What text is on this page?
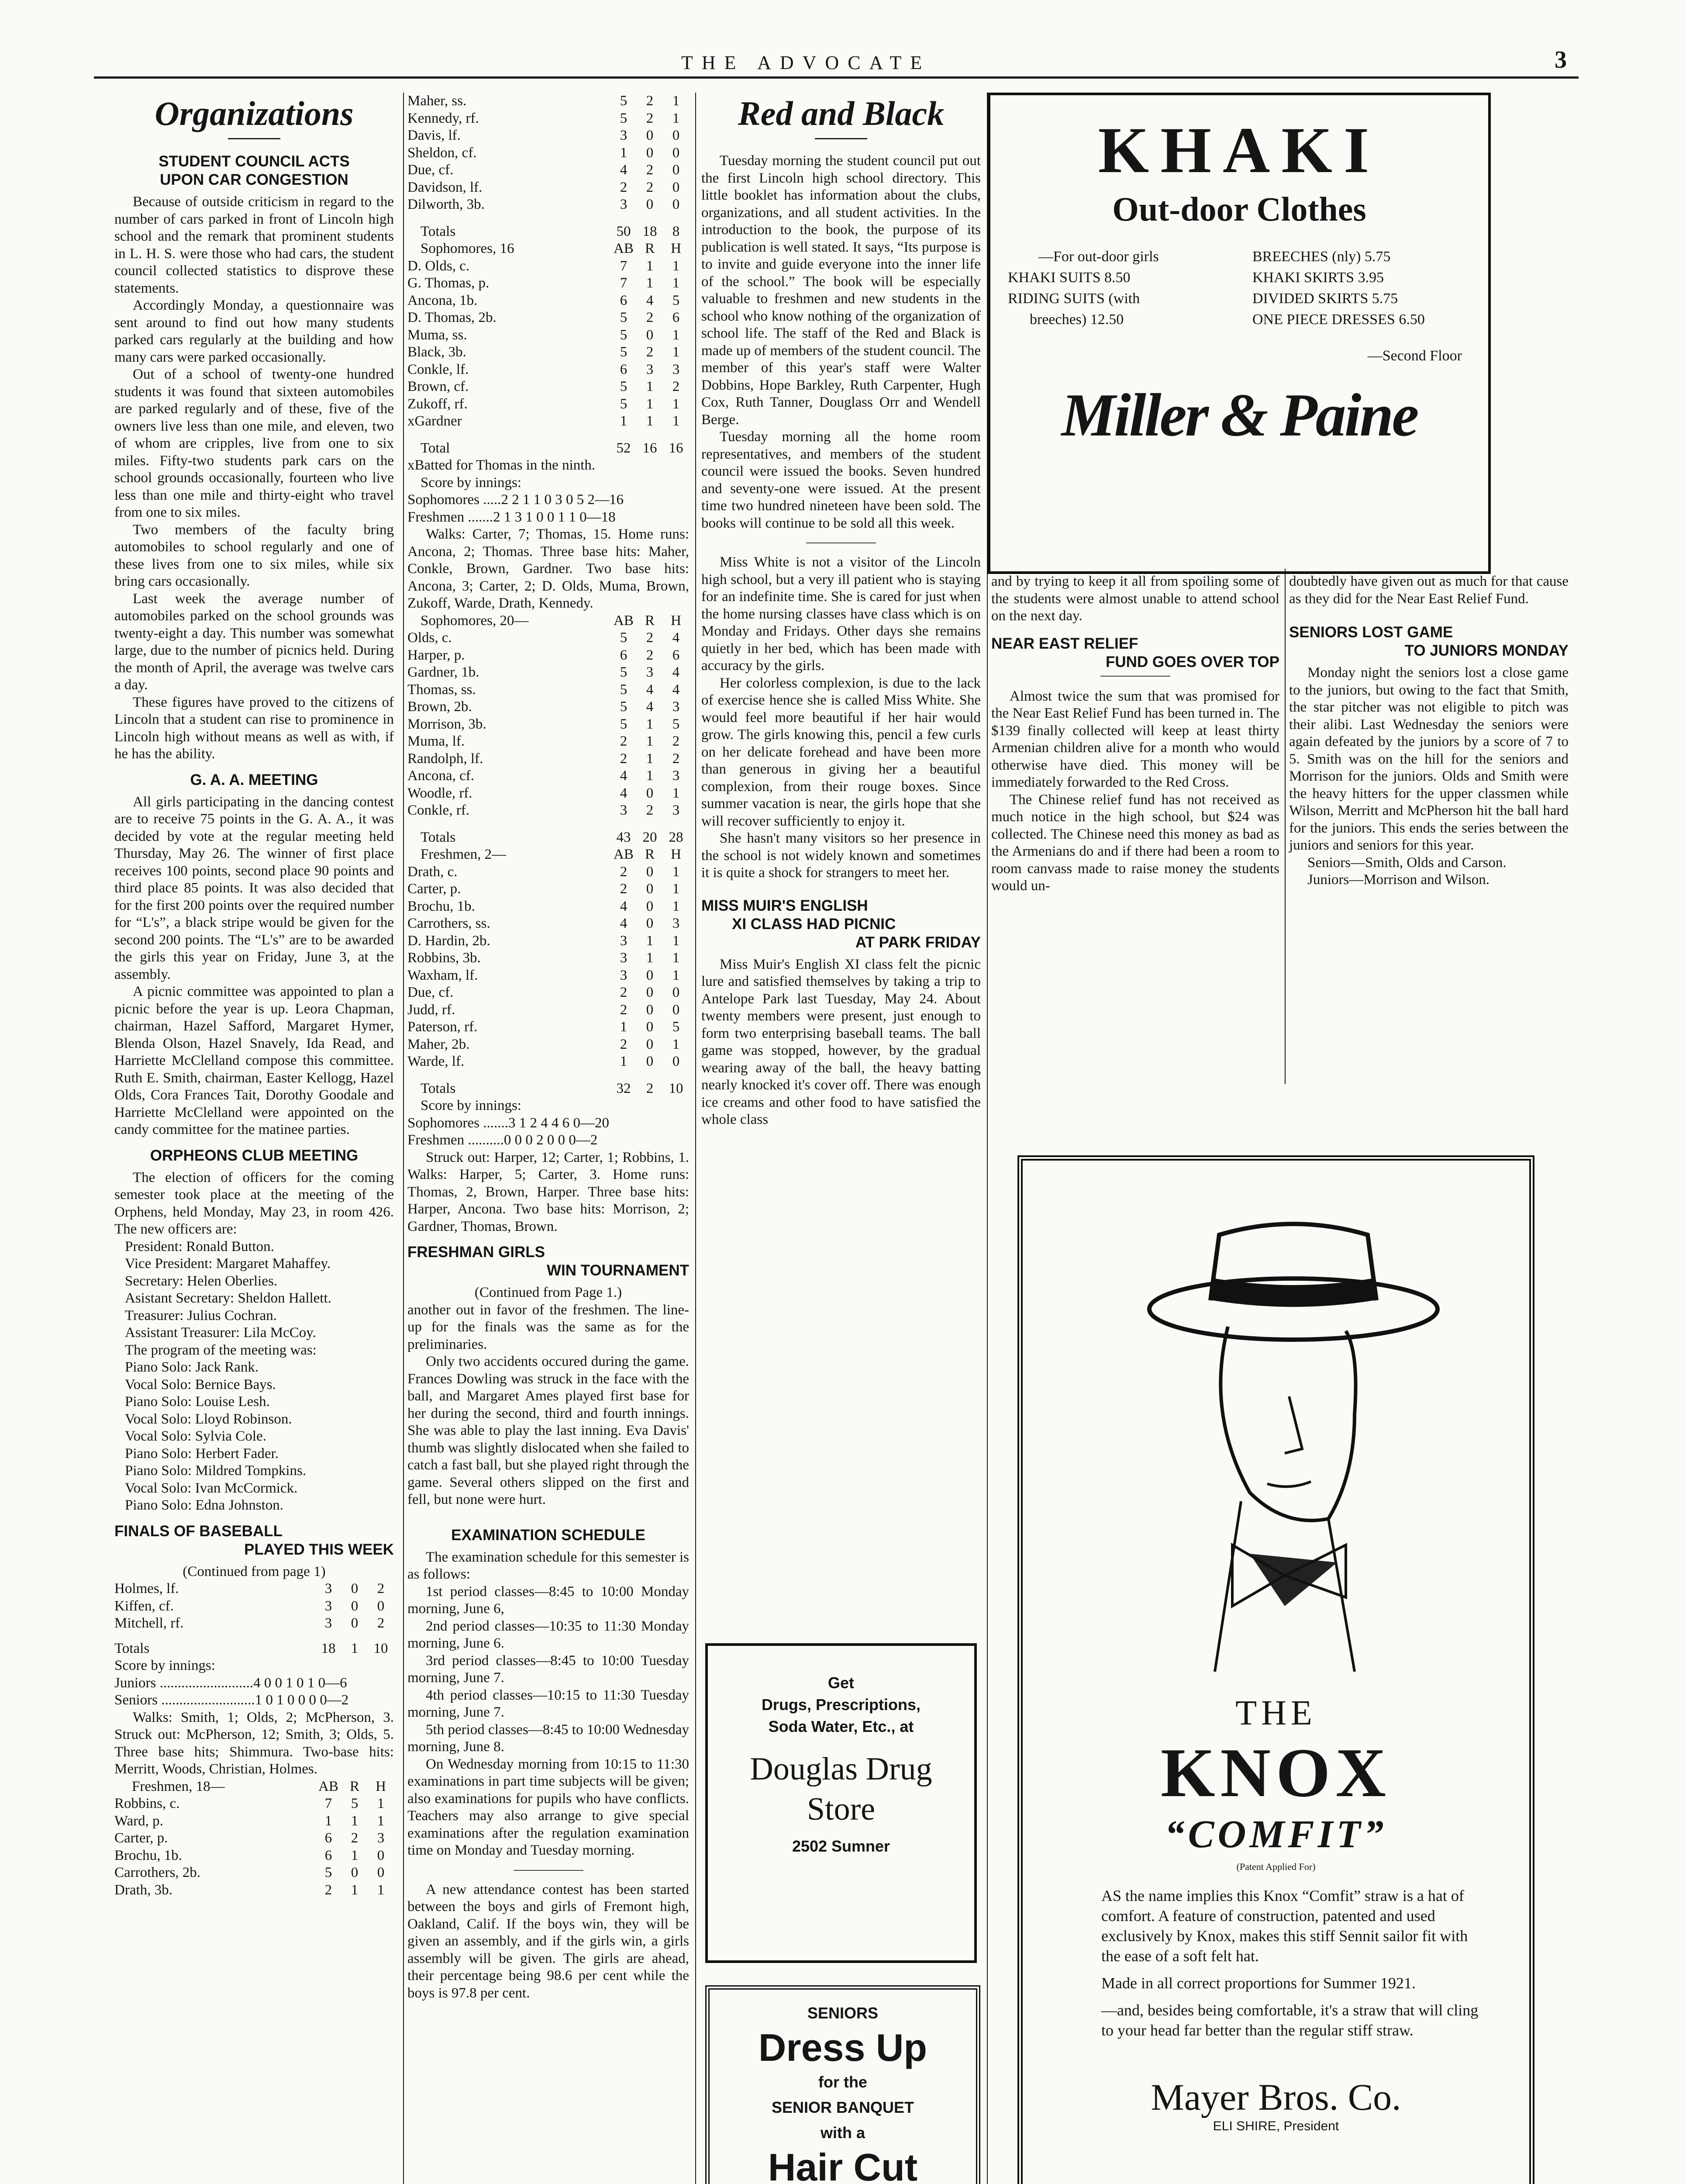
THE ADVOCATE	3
Organizations
STUDENT COUNCIL ACTS
UPON CAR CONGESTION

Because of outside criticism in regard to the number of cars parked in front of Lincoln high school and the remark that prominent students in L. H. S. were those who had cars, the student council collected statistics to disprove these statements.

Accordingly Monday, a questionnaire was sent around to find out how many students parked cars regularly at the building and how many cars were parked occasionally.

Out of a school of twenty-one hundred students it was found that sixteen automobiles are parked regularly and of these, five of the owners live less than one mile, and eleven, two of whom are cripples, live from one to six miles. Fifty-two students park cars on the school grounds occasionally, fourteen who live less than one mile and thirty-eight who travel from one to six miles.

Two members of the faculty bring automobiles to school regularly and one of these lives from one to six miles, while six bring cars occasionally.

Last week the average number of automobiles parked on the school grounds was twenty-eight a day. This number was somewhat large, due to the number of picnics held. During the month of April, the average was twelve cars a day.

These figures have proved to the citizens of Lincoln that a student can rise to prominence in Lincoln high without means as well as with, if he has the ability.

G. A. A. MEETING

All girls participating in the dancing contest are to receive 75 points in the G. A. A., it was decided by vote at the regular meeting held Thursday, May 26. The winner of first place receives 100 points, second place 90 points and third place 85 points. It was also decided that for the first 200 points over the required number for “L's”, a black stripe would be given for the second 200 points. The “L's” are to be awarded the girls this year on Friday, June 3, at the assembly.

A picnic committee was appointed to plan a picnic before the year is up. Leora Chapman, chairman, Hazel Safford, Margaret Hymer, Blenda Olson, Hazel Snavely, Ida Read, and Harriette McClelland compose this committee. Ruth E. Smith, chairman, Easter Kellogg, Hazel Olds, Cora Frances Tait, Dorothy Goodale and Harriette McClelland were appointed on the candy committee for the matinee parties.

ORPHEONS CLUB MEETING

The election of officers for the coming semester took place at the meeting of the Orphens, held Monday, May 23, in room 426. The new officers are:

President: Ronald Button.
Vice President: Margaret Mahaffey.
Secretary: Helen Oberlies.
Asistant Secretary: Sheldon Hallett.
Treasurer: Julius Cochran.
Assistant Treasurer: Lila McCoy.
The program of the meeting was:
Piano Solo: Jack Rank.
Vocal Solo: Bernice Bays.
Piano Solo: Louise Lesh.
Vocal Solo: Lloyd Robinson.
Vocal Solo: Sylvia Cole.
Piano Solo: Herbert Fader.
Piano Solo: Mildred Tompkins.
Vocal Solo: Ivan McCormick.
Piano Solo: Edna Johnston.
FINALS OF BASEBALL
PLAYED THIS WEEK
(Continued from page 1)
Holmes, lf.	3	0	2
Kiffen, cf.	3	0	0
Mitchell, rf.	3	0	2
Totals	18	1	10
Score by innings:
Juniors ..........................4 0 0 1 0 1 0—6
Seniors ..........................1 0 1 0 0 0 0—2

Walks: Smith, 1; Olds, 2; McPherson, 3. Struck out: McPherson, 12; Smith, 3; Olds, 5. Three base hits; Shimmura. Two-base hits: Merritt, Woods, Christian, Holmes.

Freshmen, 18—	AB	R	H
Robbins, c.	7	5	1
Ward, p.	1	1	1
Carter, p.	6	2	3
Brochu, 1b.	6	1	0
Carrothers, 2b.	5	0	0
Drath, 3b.	2	1	1
Maher, ss.	5	2	1
Kennedy, rf.	5	2	1
Davis, lf.	3	0	0
Sheldon, cf.	1	0	0
Due, cf.	4	2	0
Davidson, lf.	2	2	0
Dilworth, 3b.	3	0	0
Totals	50	18	8
Sophomores, 16	AB	R	H
D. Olds, c.	7	1	1
G. Thomas, p.	7	1	1
Ancona, 1b.	6	4	5
D. Thomas, 2b.	5	2	6
Muma, ss.	5	0	1
Black, 3b.	5	2	1
Conkle, lf.	6	3	3
Brown, cf.	5	1	2
Zukoff, rf.	5	1	1
xGardner	1	1	1
Total	52	16	16
xBatted for Thomas in the ninth.
Score by innings:
Sophomores .....2 2 1 1 0 3 0 5 2—16
Freshmen .......2 1 3 1 0 0 1 1 0—18

Walks: Carter, 7; Thomas, 15. Home runs: Ancona, 2; Thomas. Three base hits: Maher, Conkle, Brown, Gardner. Two base hits: Ancona, 3; Carter, 2; D. Olds, Muma, Brown, Zukoff, Warde, Drath, Kennedy.

Sophomores, 20—	AB	R	H
Olds, c.	5	2	4
Harper, p.	6	2	6
Gardner, 1b.	5	3	4
Thomas, ss.	5	4	4
Brown, 2b.	5	4	3
Morrison, 3b.	5	1	5
Muma, lf.	2	1	2
Randolph, lf.	2	1	2
Ancona, cf.	4	1	3
Woodle, rf.	4	0	1
Conkle, rf.	3	2	3
Totals	43	20	28
Freshmen, 2—	AB	R	H
Drath, c.	2	0	1
Carter, p.	2	0	1
Brochu, 1b.	4	0	1
Carrothers, ss.	4	0	3
D. Hardin, 2b.	3	1	1
Robbins, 3b.	3	1	1
Waxham, lf.	3	0	1
Due, cf.	2	0	0
Judd, rf.	2	0	0
Paterson, rf.	1	0	5
Maher, 2b.	2	0	1
Warde, lf.	1	0	0
Totals	32	2	10
Score by innings:
Sophomores .......3 1 2 4 4 6 0—20
Freshmen ..........0 0 0 2 0 0 0—2

Struck out: Harper, 12; Carter, 1; Robbins, 1. Walks: Harper, 5; Carter, 3. Home runs: Thomas, 2, Brown, Harper. Three base hits: Harper, Ancona. Two base hits: Morrison, 2; Gardner, Thomas, Brown.

FRESHMAN GIRLS
WIN TOURNAMENT
(Continued from Page 1.)

another out in favor of the freshmen. The line-up for the finals was the same as for the preliminaries.

Only two accidents occured during the game. Frances Dowling was struck in the face with the ball, and Margaret Ames played first base for her during the second, third and fourth innings. She was able to play the last inning. Eva Davis' thumb was slightly dislocated when she failed to catch a fast ball, but she played right through the game. Several others slipped on the first and fell, but none were hurt.

EXAMINATION SCHEDULE

The examination schedule for this semester is as follows:

1st period classes—8:45 to 10:00 Monday morning, June 6,

2nd period classes—10:35 to 11:30 Monday morning, June 6.

3rd period classes—8:45 to 10:00 Tuesday morning, June 7.

4th period classes—10:15 to 11:30 Tuesday morning, June 7.

5th period classes—8:45 to 10:00 Wednesday morning, June 8.

On Wednesday morning from 10:15 to 11:30 examinations in part time subjects will be given; also examinations for pupils who have conflicts. Teachers may also arrange to give special examinations after the regulation examination time on Monday and Tuesday morning.

A new attendance contest has been started between the boys and girls of Fremont high, Oakland, Calif. If the boys win, they will be given an assembly, and if the girls win, a girls assembly will be given. The girls are ahead, their percentage being 98.6 per cent while the boys is 97.8 per cent.

Red and Black

Tuesday morning the student council put out the first Lincoln high school directory. This little booklet has information about the clubs, organizations, and all student activities. In the introduction to the book, the purpose of its publication is well stated. It says, “Its purpose is to invite and guide everyone into the inner life of the school.” The book will be especially valuable to freshmen and new students in the school who know nothing of the organization of school life. The staff of the Red and Black is made up of members of the student council. The member of this year's staff were Walter Dobbins, Hope Barkley, Ruth Carpenter, Hugh Cox, Ruth Tanner, Douglass Orr and Wendell Berge.

Tuesday morning all the home room representatives, and members of the student council were issued the books. Seven hundred and seventy-one were issued. At the present time two hundred nineteen have been sold. The books will continue to be sold all this week.

Miss White is not a visitor of the Lincoln high school, but a very ill patient who is staying for an indefinite time. She is cared for just when the home nursing classes have class which is on Monday and Fridays. Other days she remains quietly in her bed, which has been made with accuracy by the girls.

Her colorless complexion, is due to the lack of exercise hence she is called Miss White. She would feel more beautiful if her hair would grow. The girls knowing this, pencil a few curls on her delicate forehead and have been more than generous in giving her a beautiful complexion, from their rouge boxes. Since summer vacation is near, the girls hope that she will recover sufficiently to enjoy it.

She hasn't many visitors so her presence in the school is not widely known and sometimes it is quite a shock for strangers to meet her.

MISS MUIR'S ENGLISH
XI CLASS HAD PICNIC
AT PARK FRIDAY

Miss Muir's English XI class felt the picnic lure and satisfied themselves by taking a trip to Antelope Park last Tuesday, May 24. About twenty members were present, just enough to form two enterprising baseball teams. The ball game was stopped, however, by the gradual wearing away of the ball, the heavy batting nearly knocked it's cover off. There was enough ice creams and other food to have satisfied the whole class

and by trying to keep it all from spoiling some of the students were almost unable to attend school on the next day.

NEAR EAST RELIEF
FUND GOES OVER TOP

Almost twice the sum that was promised for the Near East Relief Fund has been turned in. The $139 finally collected will keep at least thirty Armenian children alive for a month who would otherwise have died. This money will be immediately forwarded to the Red Cross.

The Chinese relief fund has not received as much notice in the high school, but $24 was collected. The Chinese need this money as bad as the Armenians do and if there had been a room to room canvass made to raise money the students would un-

doubtedly have given out as much for that cause as they did for the Near East Relief Fund.

SENIORS LOST GAME
TO JUNIORS MONDAY

Monday night the seniors lost a close game to the juniors, but owing to the fact that Smith, the star pitcher was not eligible to pitch was their alibi. Last Wednesday the seniors were again defeated by the juniors by a score of 7 to 5. Smith was on the hill for the seniors and Morrison for the juniors. Olds and Smith were the heavy hitters for the upper classmen while Wilson, Merritt and McPherson hit the ball hard for the juniors. This ends the series between the juniors and seniors for this year.

Seniors—Smith, Olds and Carson.

Juniors—Morrison and Wilson.

KHAKI
Out-door Clothes
—For out-door girls
KHAKI SUITS 8.50
RIDING SUITS (with
breeches) 12.50
BREECHES (nly) 5.75
KHAKI SKIRTS 3.95
DIVIDED SKIRTS 5.75
ONE PIECE DRESSES 6.50
—Second Floor
Miller & Paine
Get
Drugs, Prescriptions,
Soda Water, Etc., at
Douglas Drug
Store
2502 Sumner
SENIORS
Dress Up
for the
SENIOR BANQUET
with a
Hair Cut
THE
KNOX
“COMFIT”
(Patent Applied For)

AS the name implies this Knox “Comfit” straw is a hat of comfort. A feature of construction, patented and used exclusively by Knox, makes this stiff Sennit sailor fit with the ease of a soft felt hat.

Made in all correct proportions for Summer 1921.

—and, besides being comfortable, it's a straw that will cling to your head far better than the regular stiff straw.

Mayer Bros. Co.
ELI SHIRE, President
